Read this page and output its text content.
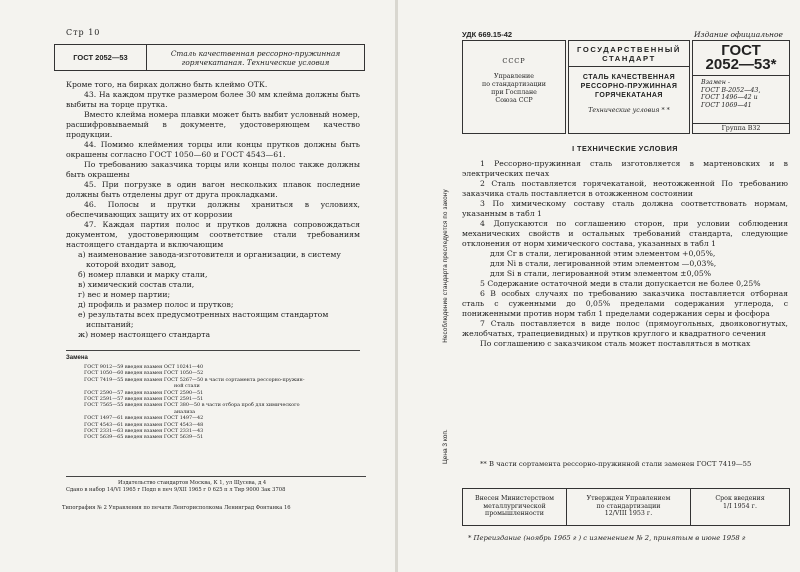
Стр 10
ГОСТ 2052—53	Сталь качественная рессорно-пружинная
горячекатаная. Технические условия

Кроме того, на бирках должно быть клеймо ОТК.

43. На каждом прутке размером более 30 мм клейма должны быть выбиты на торце прутка.

Вместо клейма номера плавки может быть выбит условный номер, расшифровываемый в документе, удостоверяющем качество продукции.

44. Помимо клеймения торцы или концы прутков должны быть окрашены согласно ГОСТ 1050—60 и ГОСТ 4543—61.

По требованию заказчика торцы или концы полос также должны быть окрашены

45. При погрузке в один вагон нескольких плавок последние должны быть отделены друг от друга прокладками.

46. Полосы и прутки должны храниться в условиях, обеспечивающих защиту их от коррозии

47. Каждая партия полос и прутков должна сопровождаться документом, удостоверяющим соответствие стали требованиям настоящего стандарта и включающим

а) наименование завода-изготовителя и организации, в систему которой входит завод,

б) номер плавки и марку стали,

в) химический состав стали,

г) вес и номер партии;

д) профиль и размер полос и прутков;

е) результаты всех предусмотренных настоящим стандартом испытаний;

ж) номер настоящего стандарта

Замена
ГОСТ 9012—59 введен взамен ОСТ 10241—40
ГОСТ 1050—60 введен взамен ГОСТ 1050—52
ГОСТ 7419—55 введен взамен ГОСТ 5267—50 в части сортамента рессорно-пружин-
ной стали
ГОСТ 2590—57 введен взамен ГОСТ 2590—51
ГОСТ 2591—57 введен взамен ГОСТ 2591—51
ГОСТ 7565—55 введен взамен ГОСТ 380—50 в части отбора проб для химического
анализа
ГОСТ 1497—61 введен взамен ГОСТ 1497—42
ГОСТ 4543—61 введен взамен ГОСТ 4543—48
ГОСТ 2331—63 введен взамен ГОСТ 2331—43
ГОСТ 5639—65 введен взамен ГОСТ 5639—51
Издательство стандартов Москва, К 1, ул Щусева, д 4
Сдано в набор 14/VI 1965 г Подп в печ 9/XII 1965 г 0 625 п л Тир 9000 Зак 3708
Типография № 2 Управления по печати Ленгорисполкома Ленинград Фонтанка 16
УДК 669.15-42	Издание официальное
СССР
Управление
по стандартизации
при Госплане
Союза ССР
ГОСУДАРСТВЕННЫЙ
СТАНДАРТ
СТАЛЬ КАЧЕСТВЕННАЯ
РЕССОРНО-ПРУЖИННАЯ
ГОРЯЧЕКАТАНАЯ
Технические условия * *
ГОСТ
2052—53*
Взамен -
ГОСТ В-2052—43,
ГОСТ 1496—42 и
ГОСТ 1069—41
Группа В32
Несоблюдение стандарта преследуется по закону
Цена 3 коп.
I ТЕХНИЧЕСКИЕ УСЛОВИЯ

1 Рессорно-пружинная сталь изготовляется в мартеновских и в электрических печах

2 Сталь поставляется горячекатаной, неотожженной По требованию заказчика сталь поставляется в отожженном состоянии

3 По химическому составу сталь должна соответствовать нормам, указанным в табл 1

4 Допускаются по соглашению сторон, при условии соблюдения механических свойств и остальных требований стандарта, следующие отклонения от норм химического состава, указанных в табл 1

для Cr в стали, легированной этим элементом +0,05%,

для Ni в стали, легированной этим элементом —0,03%,

для Si в стали, легированной этим элементом ±0,05%

5 Содержание остаточной меди в стали допускается не более 0,25%

6 В особых случаях по требованию заказчика поставляется отборная сталь с суженными до 0,05% пределами содержания углерода, с пониженными против норм табл 1 пределами содержания серы и фосфора

7 Сталь поставляется в виде полос (прямоугольных, двояковогнутых, желобчатых, трапециевидных) и прутков круглого и квадратного сечения

По соглашению с заказчиком сталь может поставляться в мотках

** В части сортамента рессорно-пружинной стали заменен ГОСТ 7419—55
Внесен Министерством
металлургической
промышленности
Утвержден Управлением
по стандартизации
12/VIII 1953 г.
Срок введения
1/I 1954 г.
* Переиздание (ноябрь 1965 г ) с изменением № 2, принятым в июне 1958 г
